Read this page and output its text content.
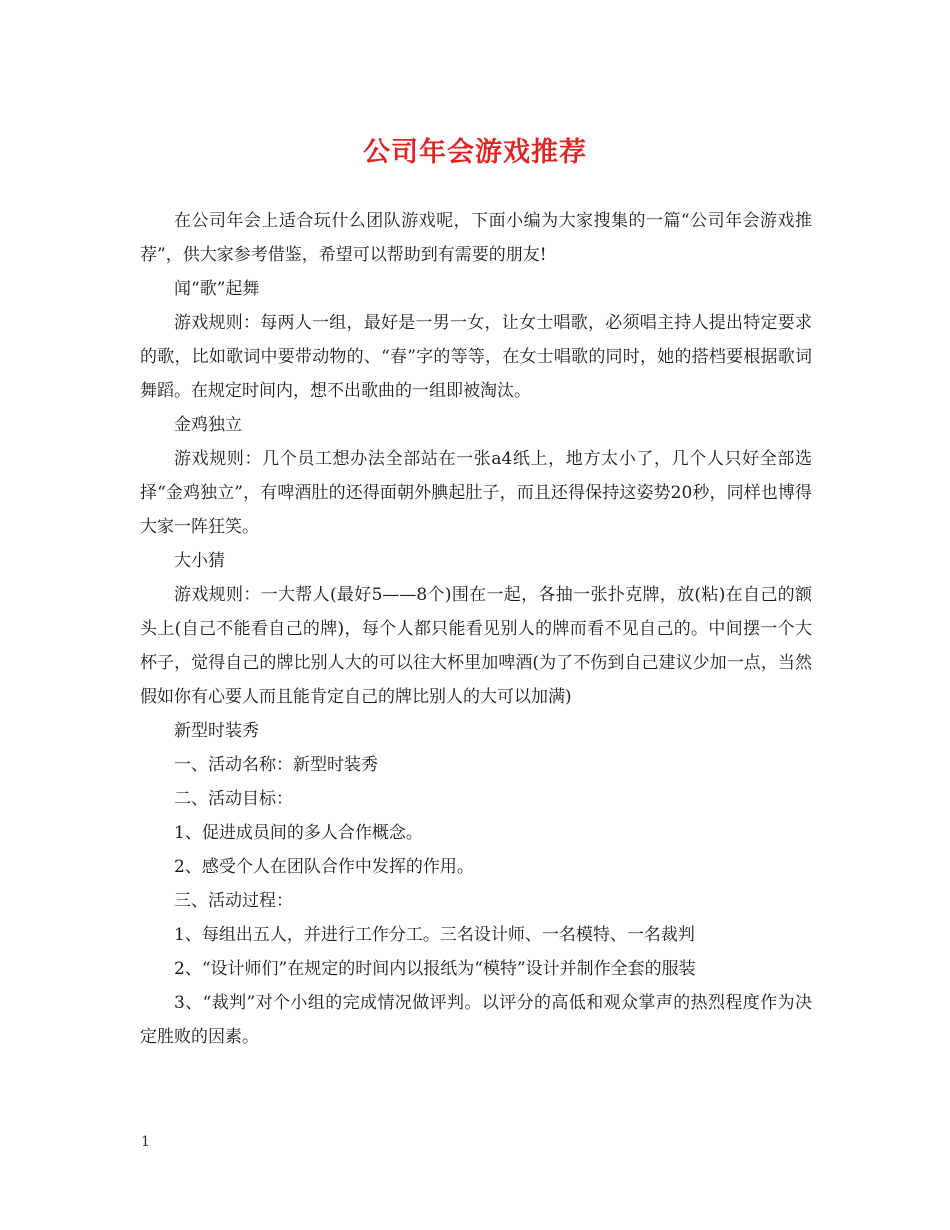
公司年会游戏推荐

在公司年会上适合玩什么团队游戏呢，下面小编为大家搜集的一篇“公司年会游戏推荐”，供大家参考借鉴，希望可以帮助到有需要的朋友!

闻“歌”起舞

游戏规则：每两人一组，最好是一男一女，让女士唱歌，必须唱主持人提出特定要求的歌，比如歌词中要带动物的、“春”字的等等，在女士唱歌的同时，她的搭档要根据歌词舞蹈。在规定时间内，想不出歌曲的一组即被淘汰。

金鸡独立

游戏规则：几个员工想办法全部站在一张a4纸上，地方太小了，几个人只好全部选择“金鸡独立”，有啤酒肚的还得面朝外腆起肚子，而且还得保持这姿势20秒，同样也博得大家一阵狂笑。

大小猜

游戏规则：一大帮人(最好5——8个)围在一起，各抽一张扑克牌，放(粘)在自己的额头上(自己不能看自己的牌)，每个人都只能看见别人的牌而看不见自己的。中间摆一个大杯子，觉得自己的牌比别人大的可以往大杯里加啤酒(为了不伤到自己建议少加一点，当然假如你有心要人而且能肯定自己的牌比别人的大可以加满)

新型时装秀

一、活动名称：新型时装秀

二、活动目标：

1、促进成员间的多人合作概念。

2、感受个人在团队合作中发挥的作用。

三、活动过程：

1、每组出五人，并进行工作分工。三名设计师、一名模特、一名裁判

2、“设计师们”在规定的时间内以报纸为“模特”设计并制作全套的服装

3、“裁判”对个小组的完成情况做评判。以评分的高低和观众掌声的热烈程度作为决定胜败的因素。

1
